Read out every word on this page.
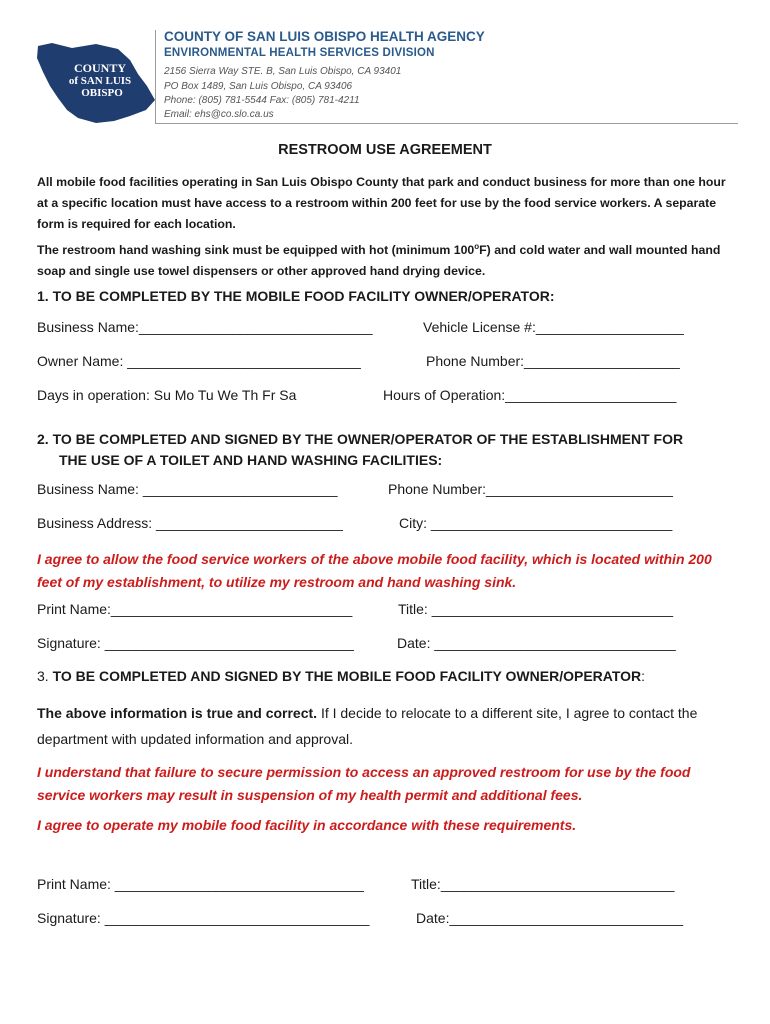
COUNTY
of SAN LUIS
OBISPO
COUNTY OF SAN LUIS OBISPO HEALTH AGENCY
ENVIRONMENTAL HEALTH SERVICES DIVISION
2156 Sierra Way STE. B, San Luis Obispo, CA 93401
PO Box 1489, San Luis Obispo, CA 93406
Phone: (805) 781-5544 Fax: (805) 781-4211
Email: ehs@co.slo.ca.us
RESTROOM USE AGREEMENT
All mobile food facilities operating in San Luis Obispo County that park and conduct business for more than one hour at a specific location must have access to a restroom within 200 feet for use by the food service workers. A separate form is required for each location.
The restroom hand washing sink must be equipped with hot (minimum 100$^o$F) and cold water and wall mounted hand soap and single use towel dispensers or other approved hand drying device.
1. TO BE COMPLETED BY THE MOBILE FOOD FACILITY OWNER/OPERATOR:
Business Name:______________________________	Vehicle License #:___________________
Owner Name: ______________________________	Phone Number:____________________
Days in operation: Su Mo Tu We Th Fr Sa	Hours of Operation:______________________
2. TO BE COMPLETED AND SIGNED BY THE OWNER/OPERATOR OF THE ESTABLISHMENT FOR
THE USE OF A TOILET AND HAND WASHING FACILITIES:
Business Name: _________________________	Phone Number:________________________
Business Address: ________________________	City: _______________________________
I agree to allow the food service workers of the above mobile food facility, which is located within 200 feet of my establishment, to utilize my restroom and hand washing sink.
Print Name:_______________________________	Title: _______________________________
Signature: ________________________________	Date: _______________________________
3. TO BE COMPLETED AND SIGNED BY THE MOBILE FOOD FACILITY OWNER/OPERATOR:
The above information is true and correct. If I decide to relocate to a different site, I agree to contact the department with updated information and approval.
I understand that failure to secure permission to access an approved restroom for use by the food service workers may result in suspension of my health permit and additional fees.
I agree to operate my mobile food facility in accordance with these requirements.
Print Name: ________________________________	Title:______________________________
Signature: __________________________________	Date:______________________________
